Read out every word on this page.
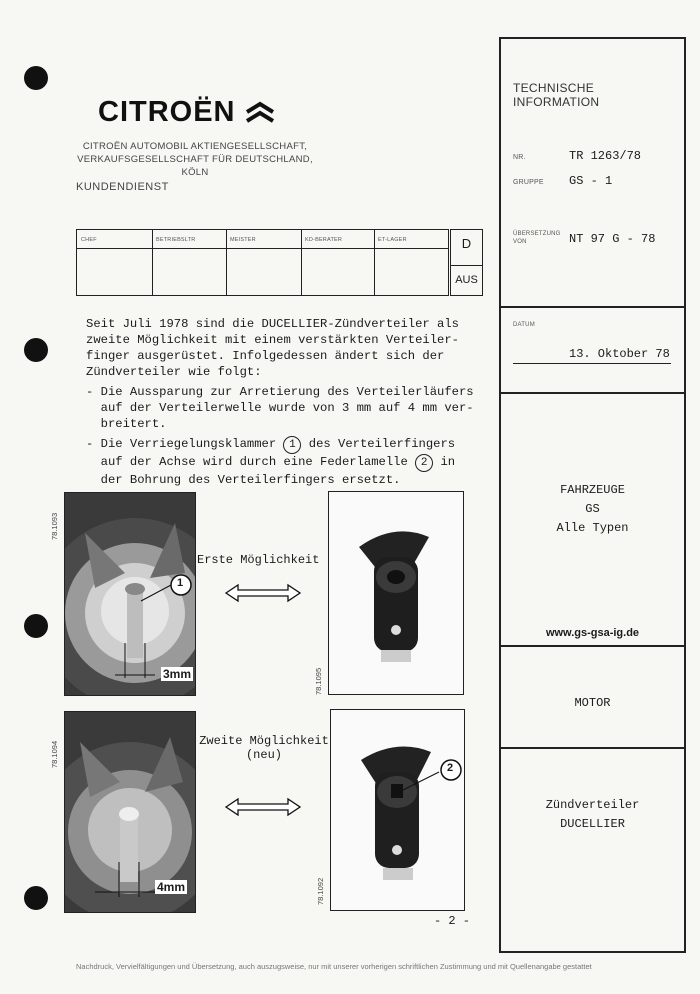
CITROËN
CITROËN AUTOMOBIL AKTIENGESELLSCHAFT,
VERKAUFSGESELLSCHAFT FÜR DEUTSCHLAND, KÖLN
KUNDENDIENST
CHEF	BETRIEBSLTR	MEISTER	KD-BERATER	ET-LAGER	D
AUS
Seit Juli 1978 sind die DUCELLIER-Zündverteiler als
zweite Möglichkeit mit einem verstärkten Verteiler-
finger ausgerüstet. Infolgedessen ändert sich der
Zündverteiler wie folgt:
- Die Aussparung zur Arretierung des Verteilerläufers
auf der Verteilerwelle wurde von 3 mm auf 4 mm ver-
breitert.
- Die Verriegelungsklammer 1 des Verteilerfingers
auf der Achse wird durch eine Federlamelle 2 in
der Bohrung des Verteilerfingers ersetzt.
1
3mm
78.1093
Erste Möglichkeit
78.1095
4mm
78.1094	Zweite Möglichkeit
(neu)
2
78.1092
- 2 -
TECHNISCHE
INFORMATION
NR.	TR 1263/78
GRUPPE GS - 1
ÜBERSETZUNG
VON	NT 97 G - 78
DATUM
13. Oktober 78
FAHRZEUGE
GS
Alle Typen
www.gs-gsa-ig.de
MOTOR
Zündverteiler
DUCELLIER
Nachdruck, Vervielfältigungen und Übersetzung, auch auszugsweise, nur mit unserer vorherigen schriftlichen Zustimmung und mit Quellenangabe gestattet
